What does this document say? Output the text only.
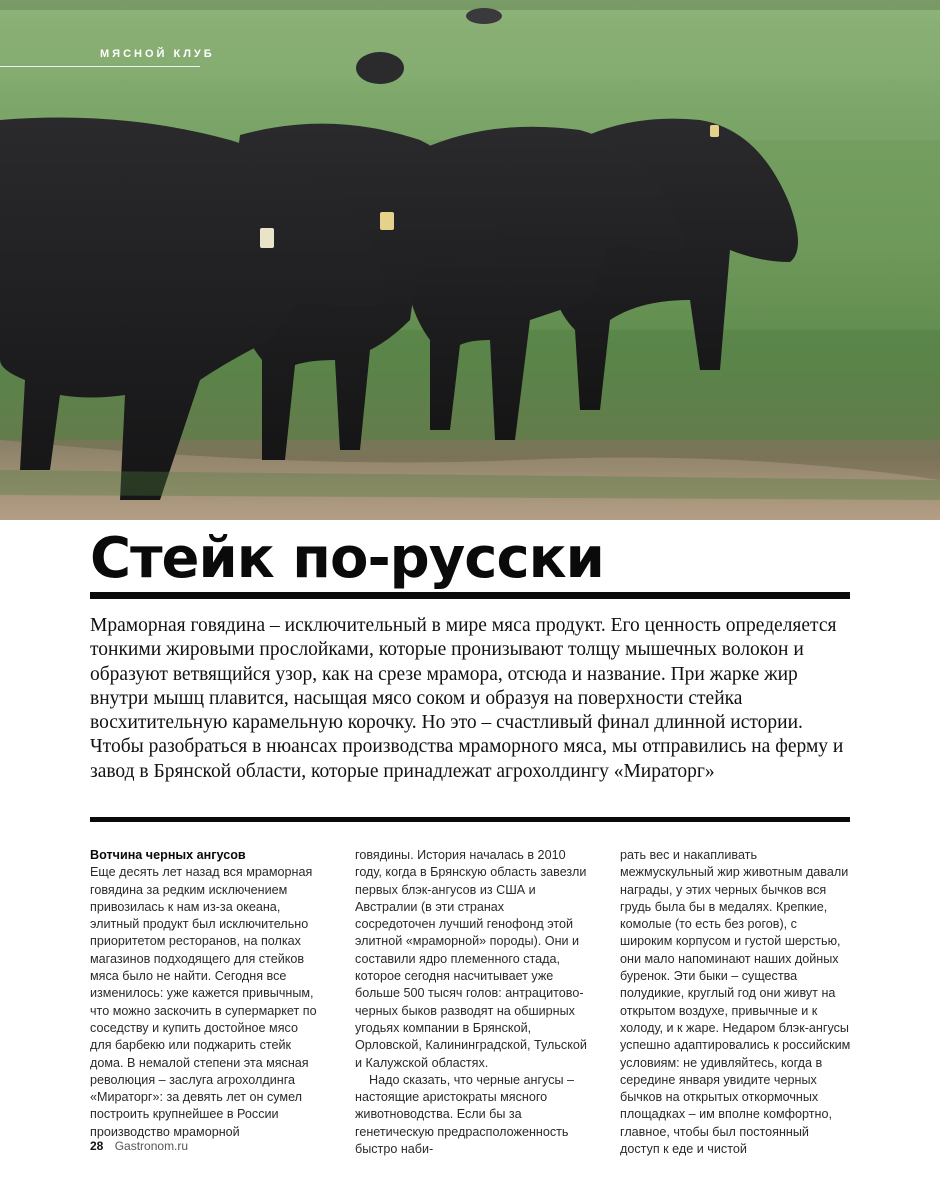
МЯСНОЙ КЛУБ
Стейк по-русски

Мраморная говядина – исключительный в мире мяса продукт. Его ценность определяется тонкими жировыми прослойками, которые пронизывают толщу мышечных волокон и образуют ветвящийся узор, как на срезе мрамора, отсюда и название. При жарке жир внутри мышц плавится, насыщая мясо соком и образуя на поверхности стейка восхитительную карамельную корочку. Но это – счастливый финал длинной истории. Чтобы разобраться в нюансах производства мраморного мяса, мы отправились на ферму и завод в Брянской области, которые принадлежат агрохолдингу «Мираторг»

Вотчина черных ангусов
Еще десять лет назад вся мраморная говядина за редким исключением привозилась к нам из-за океана, элитный продукт был исключительно приоритетом ресторанов, на полках магазинов подходящего для стейков мяса было не найти. Сегодня все изменилось: уже кажется привычным, что можно заскочить в супермаркет по соседству и купить достойное мясо для барбекю или поджарить стейк дома. В немалой степени эта мясная революция – заслуга агрохолдинга «Мираторг»: за девять лет он сумел построить крупнейшее в России производство мраморной

говядины. История началась в 2010 году, когда в Брянскую область завезли первых блэк-ангусов из США и Австралии (в эти странах сосредоточен лучший генофонд этой элитной «мраморной» породы). Они и составили ядро племенного стада, которое сегодня насчитывает уже больше 500 тысяч голов: антрацитово-черных быков разводят на обширных угодьях компании в Брянской, Орловской, Калининградской, Тульской и Калужской областях.

Надо сказать, что черные ангусы – настоящие аристократы мясного животноводства. Если бы за генетическую предрасположенность быстро наби-

рать вес и накапливать межмускульный жир животным давали награды, у этих черных бычков вся грудь была бы в медалях. Крепкие, комолые (то есть без рогов), с широким корпусом и густой шерстью, они мало напоминают наших дойных буренок. Эти быки – существа полудикие, круглый год они живут на открытом воздухе, привычные и к холоду, и к жаре. Недаром блэк-ангусы успешно адаптировались к российским условиям: не удивляйтесь, когда в середине января увидите черных бычков на открытых откормочных площадках – им вполне комфортно, главное, чтобы был постоянный доступ к еде и чистой

28 Gastronom.ru
